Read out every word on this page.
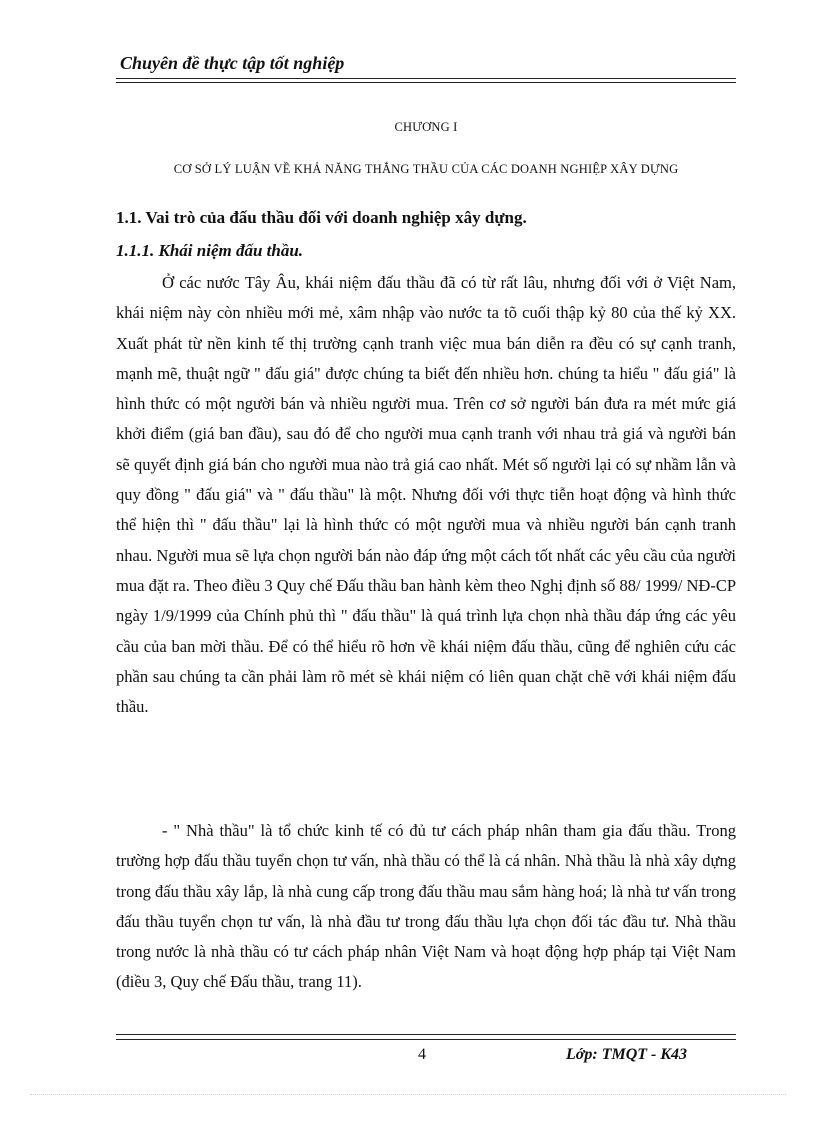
Chuyên đề thực tập tốt nghiệp
CHƯƠNG I
CƠ SỞ LÝ LUẬN VỀ KHẢ NĂNG THẮNG THẦU CỦA CÁC DOANH NGHIỆP XÂY DỰNG
1.1. Vai trò của đấu thầu đối với doanh nghiệp xây dựng.
1.1.1. Khái niệm đấu thầu.

Ở các nước Tây Âu, khái niệm đấu thầu đã có từ rất lâu, nhưng đối với ở Việt Nam, khái niệm này còn nhiều mới mẻ, xâm nhập vào nước ta tõ cuối thập kỷ 80 của thế kỷ XX. Xuất phát từ nền kinh tế thị trường cạnh tranh việc mua bán diễn ra đều có sự cạnh tranh, mạnh mẽ, thuật ngữ " đấu giá" được chúng ta biết đến nhiều hơn. chúng ta hiểu " đấu giá" là hình thức có một người bán và nhiều người mua. Trên cơ sở người bán đưa ra mét mức giá khởi điểm (giá ban đầu), sau đó để cho người mua cạnh tranh với nhau trả giá và người bán sẽ quyết định giá bán cho người mua nào trả giá cao nhất. Mét số người lại có sự nhầm lẫn và quy đồng " đấu giá" và " đấu thầu" là một. Nhưng đối với thực tiễn hoạt động và hình thức thể hiện thì " đấu thầu" lại là hình thức có một người mua và nhiều người bán cạnh tranh nhau. Người mua sẽ lựa chọn người bán nào đáp ứng một cách tốt nhất các yêu cầu của người mua đặt ra. Theo điều 3 Quy chế Đấu thầu ban hành kèm theo Nghị định số 88/ 1999/ NĐ-CP ngày 1/9/1999 của Chính phủ thì " đấu thầu" là quá trình lựa chọn nhà thầu đáp ứng các yêu cầu của ban mời thầu. Để có thể hiểu rõ hơn về khái niệm đấu thầu, cũng để nghiên cứu các phần sau chúng ta cần phải làm rõ mét sè khái niệm có liên quan chặt chẽ với khái niệm đấu thầu.

- " Nhà thầu" là tổ chức kinh tế có đủ tư cách pháp nhân tham gia đấu thầu. Trong trường hợp đấu thầu tuyển chọn tư vấn, nhà thầu có thể là cá nhân. Nhà thầu là nhà xây dựng trong đấu thầu xây lắp, là nhà cung cấp trong đấu thầu mau sắm hàng hoá; là nhà tư vấn trong đấu thầu tuyển chọn tư vấn, là nhà đầu tư trong đấu thầu lựa chọn đối tác đầu tư. Nhà thầu trong nước là nhà thầu có tư cách pháp nhân Việt Nam và hoạt động hợp pháp tại Việt Nam (điều 3, Quy chế Đấu thầu, trang 11).

4	Lớp: TMQT - K43
